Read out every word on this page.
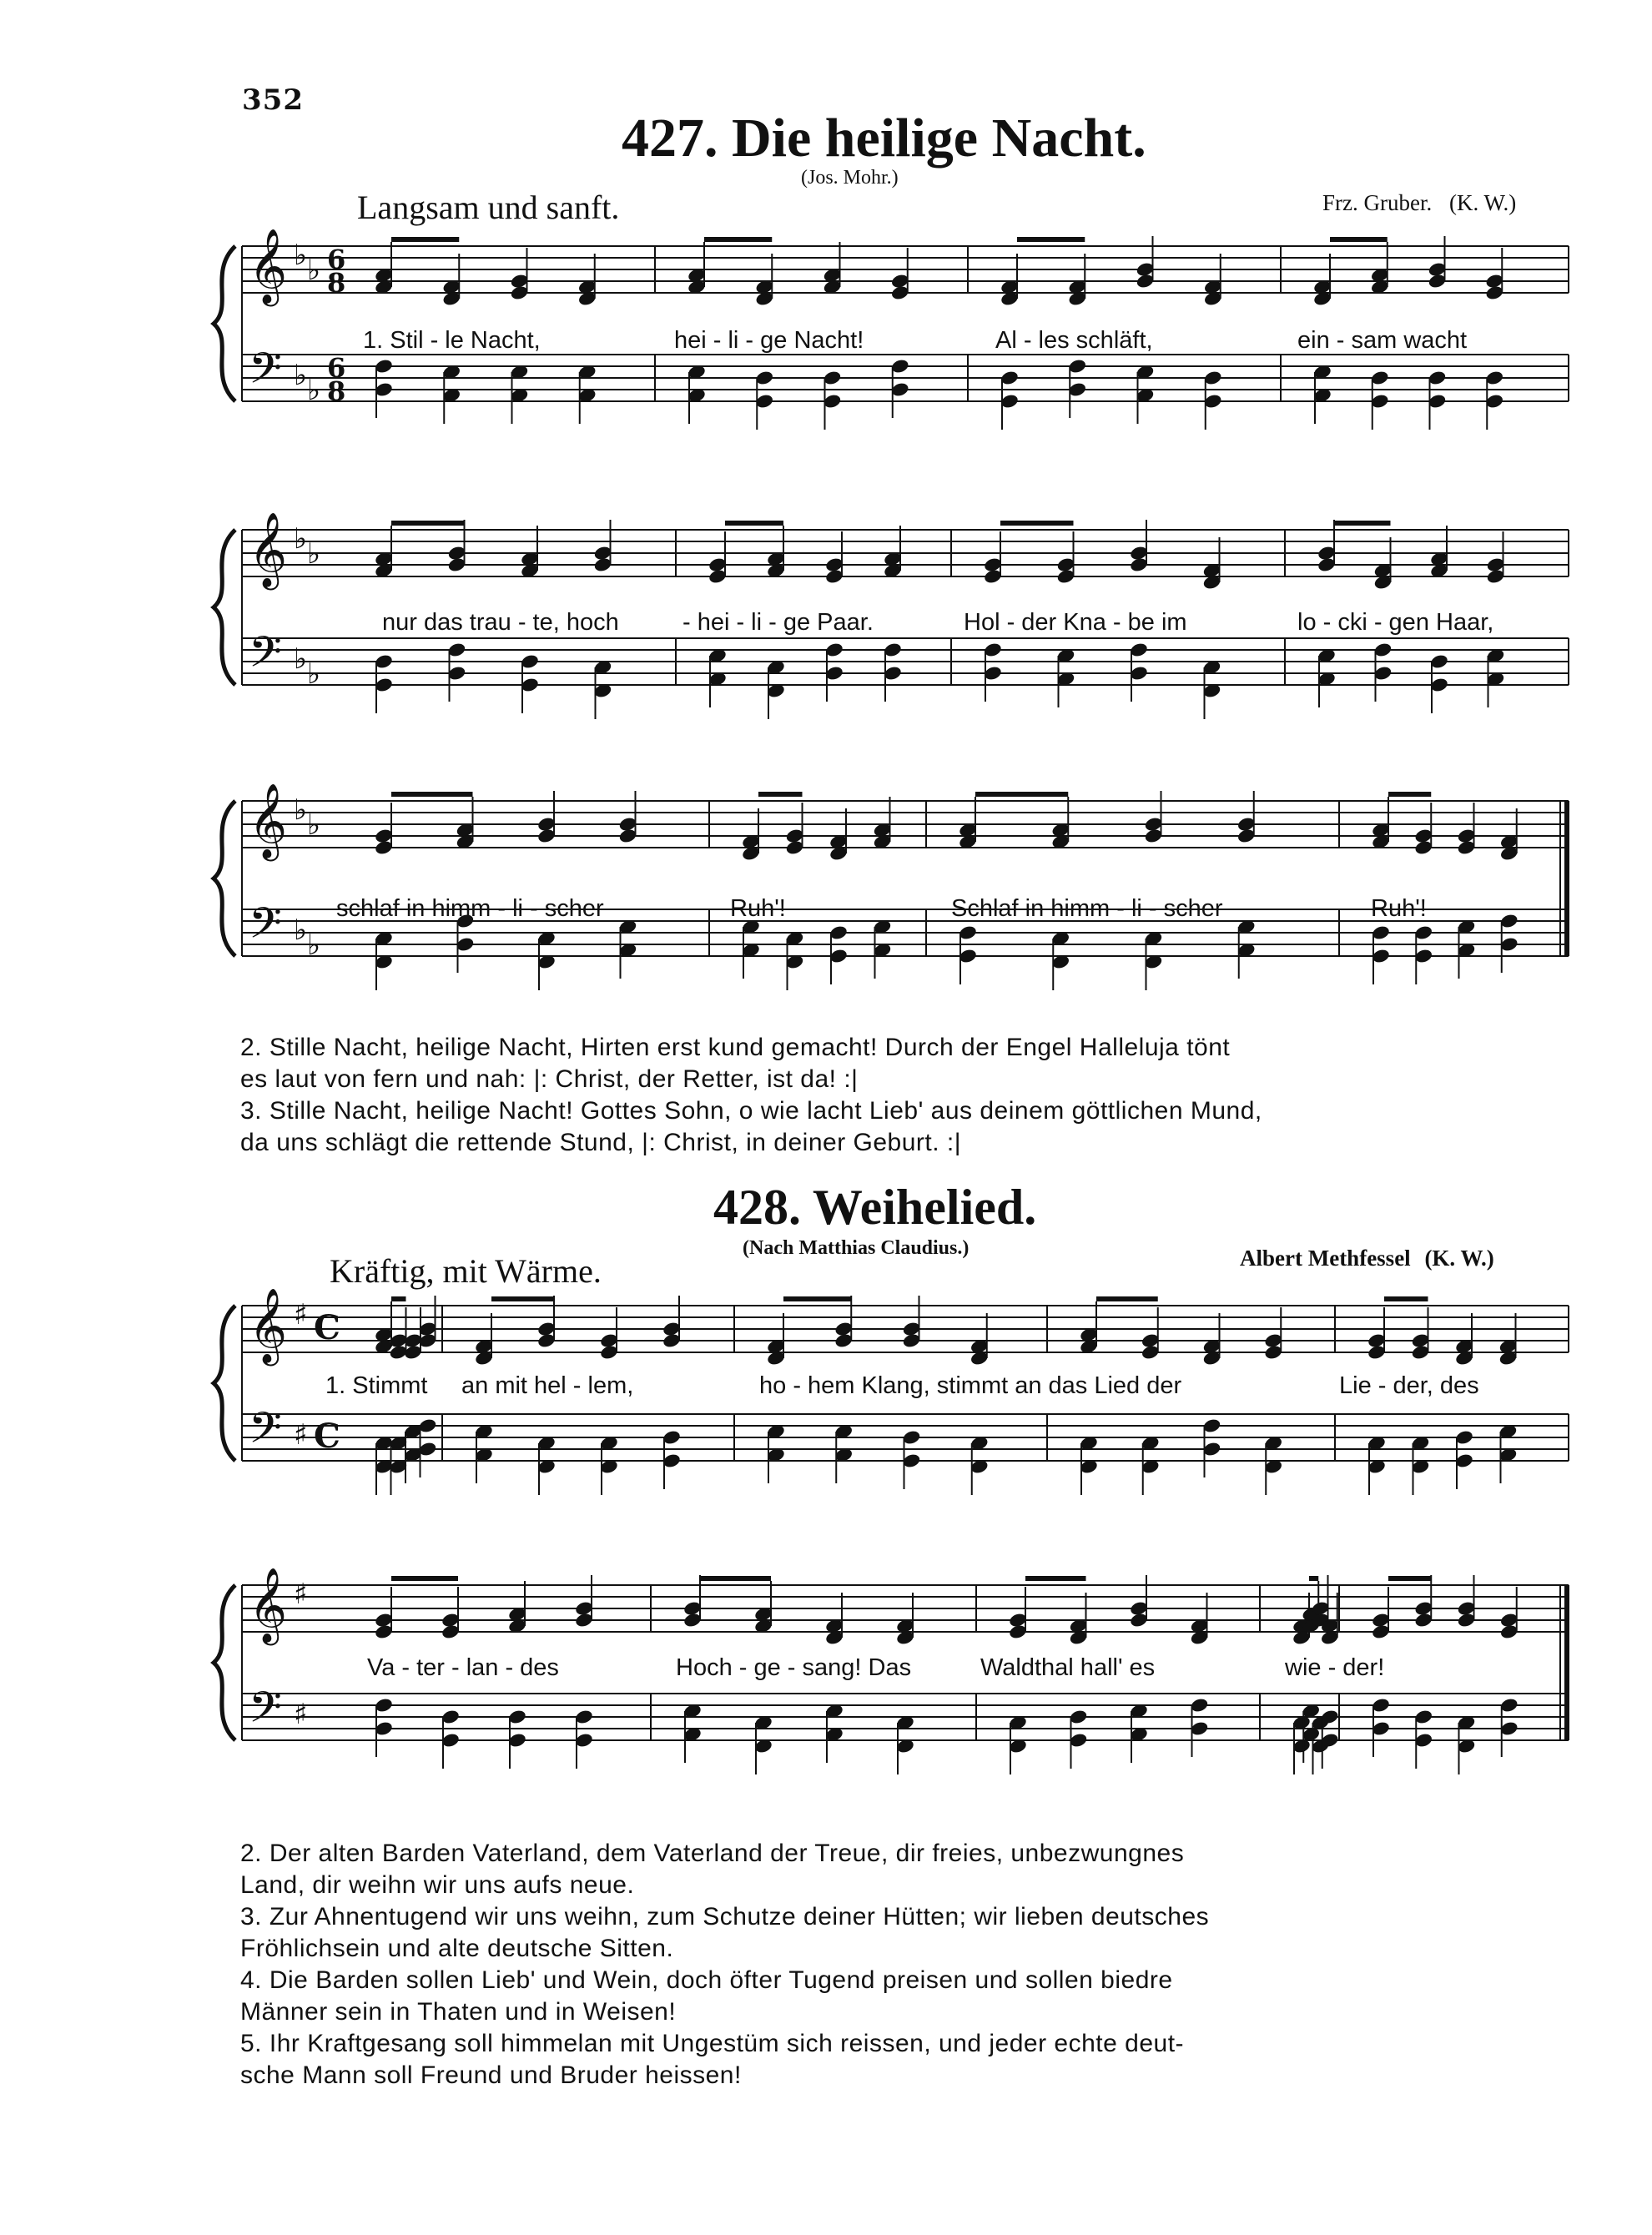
352
427. Die heilige Nacht.
(Jos. Mohr.)
Langsam und sanft.	Frz. Gruber. (K. W.)
𝄞
𝄢
♭
♭
♭
♭
6
8
6
8
𝄞
𝄢
♭
♭
♭
♭
𝄞
𝄢
♭
♭
♭
♭
1. Stil - le Nacht,	hei - li - ge Nacht!	Al - les schläft,	ein - sam wacht
nur das trau - te, hoch	- hei - li - ge Paar.	Hol - der Kna - be im	lo - cki - gen Haar,
schlaf in himm - li - scher	Ruh'!	Schlaf in himm - li - scher	Ruh'!
2. Stille Nacht, heilige Nacht, Hirten erst kund gemacht! Durch der Engel Halleluja tönt
es laut von fern und nah: |: Christ, der Retter, ist da! :|
3. Stille Nacht, heilige Nacht! Gottes Sohn, o wie lacht Lieb' aus deinem göttlichen Mund,
da uns schlägt die rettende Stund, |: Christ, in deiner Geburt. :|
428. Weihelied.
(Nach Matthias Claudius.)
Kräftig, mit Wärme.	Albert Methfessel (K. W.)
𝄞
𝄢
♯
♯
C
C
𝄞
𝄢
♯
♯
1. Stimmt an mit hel - lem,	ho - hem Klang, stimmt an das Lied der	Lie - der, des
Va - ter - lan - des	Hoch - ge - sang! Das	Waldthal hall' es	wie - der!
2. Der alten Barden Vaterland, dem Vaterland der Treue, dir freies, unbezwungnes
Land, dir weihn wir uns aufs neue.
3. Zur Ahnentugend wir uns weihn, zum Schutze deiner Hütten; wir lieben deutsches
Fröhlichsein und alte deutsche Sitten.
4. Die Barden sollen Lieb' und Wein, doch öfter Tugend preisen und sollen biedre
Männer sein in Thaten und in Weisen!
5. Ihr Kraftgesang soll himmelan mit Ungestüm sich reissen, und jeder echte deut-
sche Mann soll Freund und Bruder heissen!
